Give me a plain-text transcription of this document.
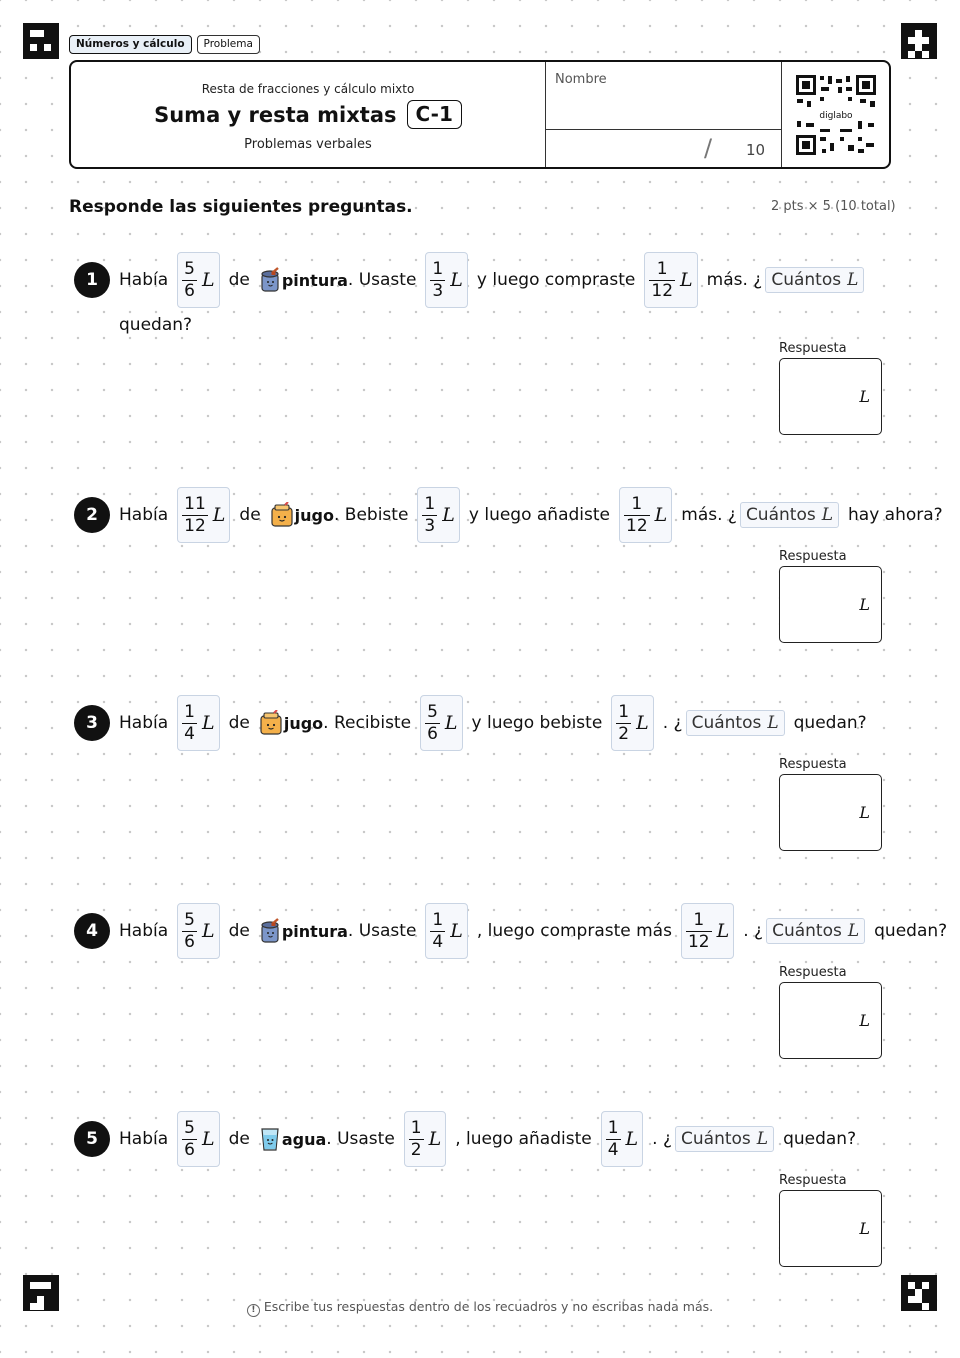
Números y cálculo	Problema
Resta de fracciones y cálculo mixto
Suma y resta mixtas C-1
Problemas verbales
Nombre
/ 10
diglabo
Responde las siguientes preguntas.	2 pts × 5 (10 total)
1	Había $\frac{5}{6}$ L de pintura . Usaste $\frac{1}{3}$ L y luego compraste $\frac{1}{12}$ L más. ¿ Cuántos L
quedan?
Respuesta
L
2	Había $\frac{11}{12}$ L de jugo . Bebiste $\frac{1}{3}$ L y luego añadiste $\frac{1}{12}$ L más. ¿ Cuántos L hay ahora?
Respuesta
L
3	Había $\frac{1}{4}$ L de jugo . Recibiste $\frac{5}{6}$ L y luego bebiste $\frac{1}{2}$ L . ¿ Cuántos L quedan?
Respuesta
L
4	Había $\frac{5}{6}$ L de pintura . Usaste $\frac{1}{4}$ L , luego compraste más $\frac{1}{12}$ L . ¿ Cuántos L quedan?
Respuesta
L
5	Había $\frac{5}{6}$ L de agua . Usaste $\frac{1}{2}$ L , luego añadiste $\frac{1}{4}$ L . ¿ Cuántos L quedan?
Respuesta
L
! Escribe tus respuestas dentro de los recuadros y no escribas nada más.
